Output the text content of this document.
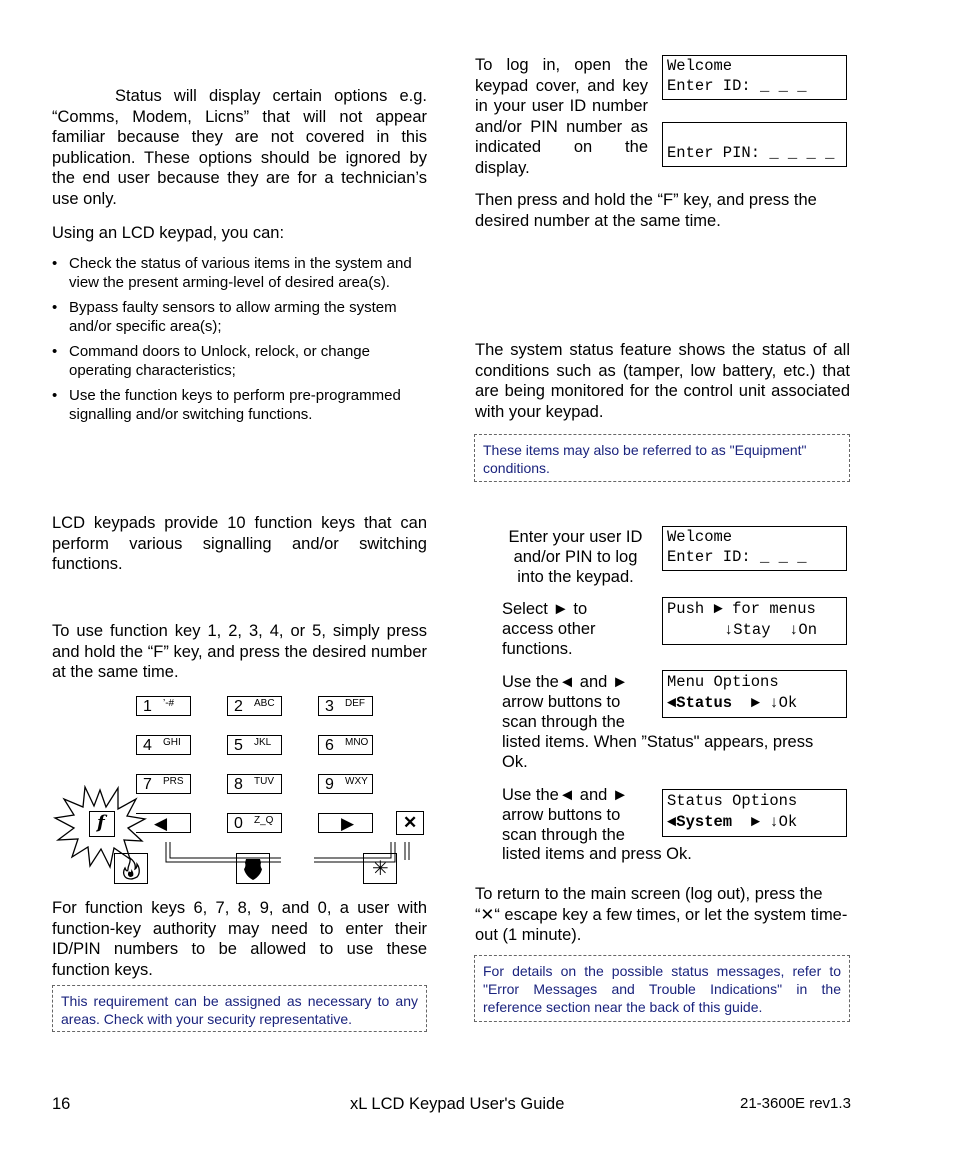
Status will display certain options e.g. “Comms, Modem, Licns” that will not appear familiar because they are not covered in this publication. These options should be ignored by the end user because they are for a technician’s use only.

Using an LCD keypad, you can:

• Check the status of various items in the system and view the present arming-level of desired area(s).
• Bypass faulty sensors to allow arming the system and/or specific area(s);
• Command doors to Unlock, relock, or change operating characteristics;
• Use the function keys to perform pre-programmed signalling and/or switching functions.

LCD keypads provide 10 function keys that can perform various signalling and/or switching functions.

To use function key 1, 2, 3, 4, or 5, simply press and hold the “F” key, and press the desired number at the same time.

1 ’-#	2 ABC	3 DEF
4 GHI	5 JKL	6 MNO
7 PRS	8 TUV	9 WXY
◀	0 Z_Q	▶	✕
f
✳

For function keys 6, 7, 8, 9, and 0, a user with function-key authority may need to enter their ID/PIN numbers to be allowed to use these function keys.

This requirement can be assigned as necessary to any areas. Check with your security representative.

To log in, open the keypad cover, and key in your user ID number and/or PIN number as indicated on the display.

Welcome
Enter ID: _ _ _
Enter PIN: _ _ _ _

Then press and hold the “F” key, and press the desired number at the same time.

The system status feature shows the status of all conditions such as (tamper, low battery, etc.) that are being monitored for the control unit associated with your keypad.

These items may also be referred to as "Equipment" conditions.
Enter your user ID and/or PIN to log into the keypad.
Welcome
Enter ID: _ _ _
Select ► to access other functions.
Push ► for menus
↓Stay  ↓On
Use the◄ and ► arrow buttons to scan through the
listed items. When ”Status" appears, press Ok.
Menu Options
◄Status  ► ↓Ok
Use the◄ and ► arrow buttons to scan through the
listed items and press Ok.
Status Options
◄System  ► ↓Ok
To return to the main screen (log out), press the
“✕“ escape key a few times, or let the system time-out (1 minute).
For details on the possible status messages, refer to "Error Messages and Trouble Indications" in the reference section near the back of this guide.
16	xL LCD Keypad User's Guide	21-3600E rev1.3
